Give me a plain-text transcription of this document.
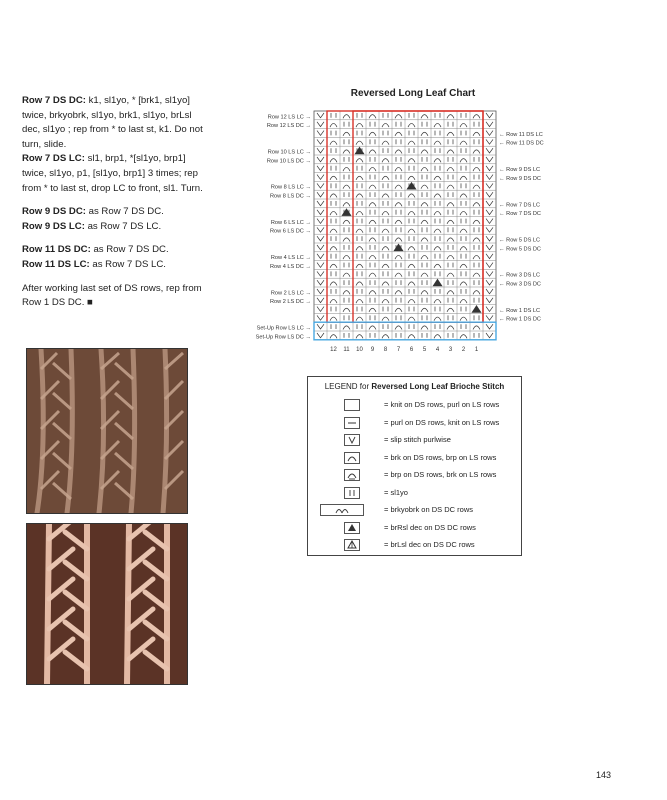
Row 7 DS DC: k1, sl1yo, * [brk1, sl1yo] twice, brkyobrk, sl1yo, brk1, sl1yo, brLsl dec, sl1yo ; rep from * to last st, k1. Do not turn, slide.
Row 7 DS LC: sl1, brp1, *[sl1yo, brp1] twice, sl1yo, p1, [sl1yo, brp1] 3 times; rep from * to last st, drop LC to front, sl1. Turn.

Row 9 DS DC: as Row 7 DS DC.
Row 9 DS LC: as Row 7 DS LC.

Row 11 DS DC: as Row 7 DS DC.
Row 11 DS LC: as Row 7 DS LC.

After working last set of DS rows, rep from Row 1 DS DC. ■

Reversed Long Leaf Chart
Row 12 LS LC →
Row 12 LS DC →
Row 10 LS LC →
Row 10 LS DC →
Row 8 LS LC →
Row 8 LS DC →
Row 6 LS LC →
Row 6 LS DC →
Row 4 LS LC →
Row 4 LS DC →
Row 2 LS LC →
Row 2 LS DC →
Set-Up Row LS LC →
Set-Up Row LS DC →
← Row 11 DS LC
← Row 11 DS DC
← Row 9 DS LC
← Row 9 DS DC
← Row 7 DS LC
← Row 7 DS DC
← Row 5 DS LC
← Row 5 DS DC
← Row 3 DS LC
← Row 3 DS DC
← Row 1 DS LC
← Row 1 DS DC
12 11 10 9 8 7 6 5 4 3 2 1
LEGEND for Reversed Long Leaf Brioche Stitch
= knit on DS rows, purl on LS rows
= purl on DS rows, knit on LS rows
= slip stitch purlwise
= brk on DS rows, brp on LS rows
= brp on DS rows, brk on LS rows
= sl1yo
= brkyobrk on DS DC rows
= brRsl dec on DS DC rows
= brLsl dec on DS DC rows
143
